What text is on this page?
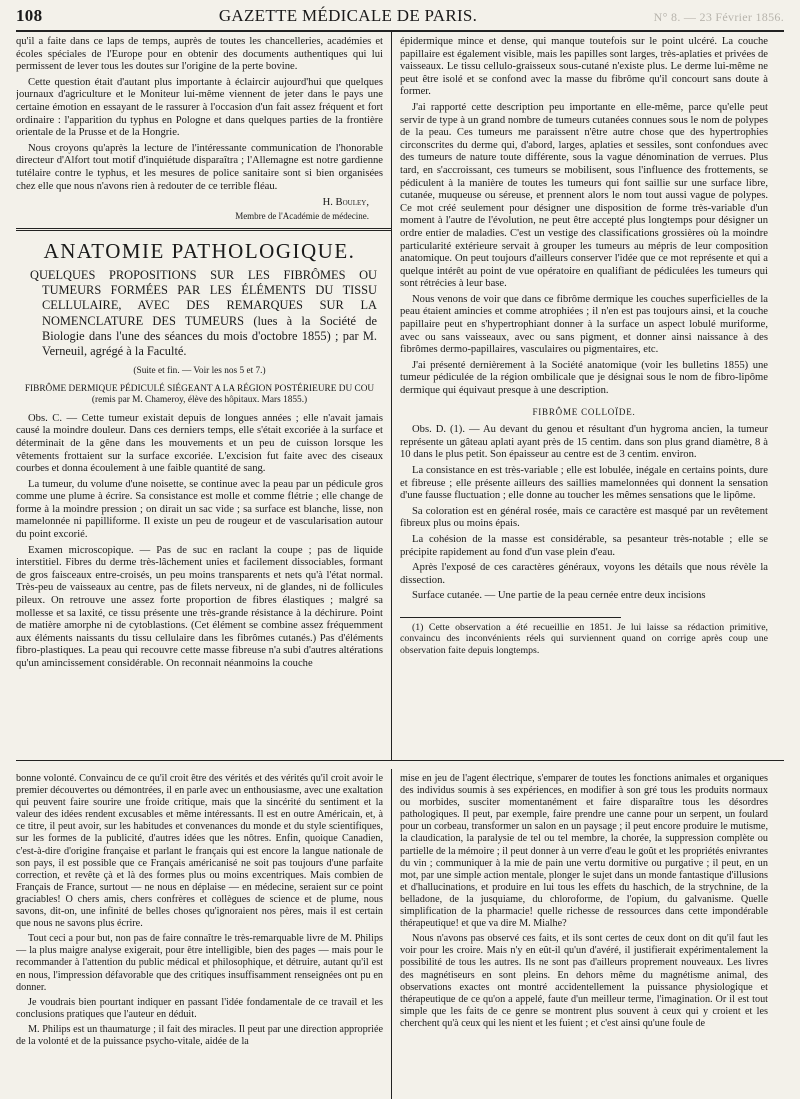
108	GAZETTE MÉDICALE DE PARIS.	N° 8. — 23 Février 1856.

qu'il a faite dans ce laps de temps, auprès de toutes les chancelleries, académies et écoles spéciales de l'Europe pour en obtenir des documents authentiques qui lui permissent de lever tous les doutes sur l'origine de la perte bovine.

Cette question était d'autant plus importante à éclaircir aujourd'hui que quelques journaux d'agriculture et le Moniteur lui-même viennent de jeter dans le pays une certaine émotion en essayant de le rassurer à l'occasion d'un fait assez fréquent et fort ordinaire : l'apparition du typhus en Pologne et dans quelques parties de la frontière orientale de la Prusse et de la Hongrie.

Nous croyons qu'après la lecture de l'intéressante communication de l'honorable directeur d'Alfort tout motif d'inquiétude disparaîtra ; l'Allemagne est notre gardienne tutélaire contre le typhus, et les mesures de police sanitaire sont si bien organisées chez elle que nous n'avons rien à redouter de ce terrible fléau.

H. Bouley,
Membre de l'Académie de médecine.
ANATOMIE PATHOLOGIQUE.
QUELQUES PROPOSITIONS SUR LES FIBRÔMES OU TUMEURS FORMÉES PAR LES ÉLÉMENTS DU TISSU CELLULAIRE, AVEC DES REMARQUES SUR LA NOMENCLATURE DES TUMEURS (lues à la Société de Biologie dans l'une des séances du mois d'octobre 1855) ; par M. Verneuil, agrégé à la Faculté.
(Suite et fin. — Voir les nos 5 et 7.)
FIBRÔME DERMIQUE PÉDICULÉ SIÉGEANT A LA RÉGION POSTÉRIEURE DU COU (remis par M. Chameroy, élève des hôpitaux. Mars 1855.)

Obs. C. — Cette tumeur existait depuis de longues années ; elle n'avait jamais causé la moindre douleur. Dans ces derniers temps, elle s'était excoriée à la surface et déterminait de la gêne dans les mouvements et un peu de cuisson lorsque les vêtements frottaient sur la surface excoriée. L'excision fut faite avec des ciseaux courbes et donna écoulement à une faible quantité de sang.

La tumeur, du volume d'une noisette, se continue avec la peau par un pédicule gros comme une plume à écrire. Sa consistance est molle et comme flétrie ; elle change de forme à la moindre pression ; on dirait un sac vide ; sa surface est blanche, lisse, non mamelonnée ni papilliforme. Il existe un peu de rougeur et de vascularisation autour du point excorié.

Examen microscopique. — Pas de suc en raclant la coupe ; pas de liquide interstitiel. Fibres du derme très-lâchement unies et facilement dissociables, formant de gros faisceaux entre-croisés, un peu moins transparents et nets qu'à l'état normal. Très-peu de vaisseaux au centre, pas de filets nerveux, ni de glandes, ni de follicules pileux. On retrouve une assez forte proportion de fibres élastiques ; malgré sa mollesse et sa laxité, ce tissu présente une très-grande résistance à la déchirure. Point de matière amorphe ni de cytoblastions. (Cet élément se combine assez fréquemment aux éléments naissants du tissu cellulaire dans les fibrômes cutanés.) Pas d'éléments fibro-plastiques. La peau qui recouvre cette masse fibreuse n'a subi d'autres altérations qu'un amincissement considérable. On reconnait néanmoins la couche

épidermique mince et dense, qui manque toutefois sur le point ulcéré. La couche papillaire est également visible, mais les papilles sont larges, très-aplaties et privées de vaisseaux. Le tissu cellulo-graisseux sous-cutané n'existe plus. Le derme lui-même ne peut être isolé et se confond avec la masse du fibrôme qu'il concourt sans doute à former.

J'ai rapporté cette description peu importante en elle-même, parce qu'elle peut servir de type à un grand nombre de tumeurs cutanées connues sous le nom de polypes de la peau. Ces tumeurs me paraissent n'être autre chose que des hypertrophies circonscrites du derme qui, d'abord, larges, aplaties et sessiles, sont confondues avec des tumeurs de nature toute différente, sous la vague dénomination de verrues. Plus tard, en s'accroissant, ces tumeurs se mobilisent, sous l'influence des frottements, se pédiculent à la manière de toutes les tumeurs qui font saillie sur une surface libre, cutanée, muqueuse ou séreuse, et prennent alors le nom tout aussi vague de polypes. Ce mot créé seulement pour désigner une disposition de forme très-variable d'un moment à l'autre de l'évolution, ne peut être accepté plus longtemps pour désigner un ordre entier de maladies. C'est un vestige des classifications grossières où la moindre particularité extérieure servait à grouper les tumeurs au mépris de leur composition anatomique. On peut toujours d'ailleurs conserver l'idée que ce mot représente et qui a quelque intérêt au point de vue opératoire en qualifiant de pédiculées les tumeurs qui sont rétrécies à leur base.

Nous venons de voir que dans ce fibrôme dermique les couches superficielles de la peau étaient amincies et comme atrophiées ; il n'en est pas toujours ainsi, et la couche papillaire peut en s'hypertrophiant donner à la surface un aspect lobulé muriforme, avec ou sans vaisseaux, avec ou sans pigment, et donner ainsi naissance à des fibrômes dermo-papillaires, vasculaires ou pigmentaires, etc.

J'ai présenté dernièrement à la Société anatomique (voir les bulletins 1855) une tumeur pédiculée de la région ombilicale que je désignai sous le nom de fibro-lipôme dermique qui équivaut presque à une description.

FIBRÔME COLLOÏDE.

Obs. D. (1). — Au devant du genou et résultant d'un hygroma ancien, la tumeur représente un gâteau aplati ayant près de 15 centim. dans son plus grand diamètre, 8 à 10 dans le plus petit. Son épaisseur au centre est de 3 centim. environ.

La consistance en est très-variable ; elle est lobulée, inégale en certains points, dure et fibreuse ; elle présente ailleurs des saillies mamelonnées qui donnent la sensation d'une fausse fluctuation ; elle donne au toucher les mêmes sensations que le lipôme.

Sa coloration est en général rosée, mais ce caractère est masqué par un revêtement fibreux plus ou moins épais.

La cohésion de la masse est considérable, sa pesanteur très-notable ; elle se précipite rapidement au fond d'un vase plein d'eau.

Après l'exposé de ces caractères généraux, voyons les détails que nous révèle la dissection.

Surface cutanée. — Une partie de la peau cernée entre deux incisions

(1) Cette observation a été recueillie en 1851. Je lui laisse sa rédaction primitive, convaincu des inconvénients réels qui surviennent quand on corrige après coup une observation faite depuis longtemps.

bonne volonté. Convaincu de ce qu'il croit être des vérités et des vérités qu'il croit avoir le premier découvertes ou démontrées, il en parle avec un enthousiasme, avec une exaltation qui peuvent faire sourire une froide critique, mais que la sincérité du sentiment et la valeur des idées rendent excusables et même intéressants. Il est en outre Américain, et, à ce titre, il peut avoir, sur les habitudes et convenances du monde et du style scientifiques, sur les formes de la publicité, d'autres idées que les nôtres. Enfin, quoique Canadien, c'est-à-dire d'origine française et parlant le français qui est encore la langue nationale de son pays, il est possible que ce Français américanisé ne soit pas toujours d'une parfaite correction, et revête çà et là des formes plus ou moins excentriques. Mais combien de Français de France, surtout — ne nous en déplaise — en médecine, seraient sur ce point graciables! O chers amis, chers confrères et collègues de science et de plume, nous savons, dit-on, une infinité de belles choses qu'ignoraient nos pères, mais il est certain que nous ne savons plus écrire.

Tout ceci a pour but, non pas de faire connaître le très-remarquable livre de M. Philips — la plus maigre analyse exigerait, pour être intelligible, bien des pages — mais pour le recommander à l'attention du public médical et philosophique, et détruire, autant qu'il est en nous, l'impression défavorable que des critiques insuffisamment renseignées ont pu en donner.

Je voudrais bien pourtant indiquer en passant l'idée fondamentale de ce travail et les conclusions pratiques que l'auteur en déduit.

M. Philips est un thaumaturge ; il fait des miracles. Il peut par une direction appropriée de la volonté et de la puissance psycho-vitale, aidée de la

mise en jeu de l'agent électrique, s'emparer de toutes les fonctions animales et organiques des individus soumis à ses expériences, en modifier à son gré tous les produits normaux ou morbides, susciter momentanément et faire disparaître tous les désordres pathologiques. Il peut, par exemple, faire prendre une canne pour un serpent, un foulard pour un corbeau, transformer un salon en un paysage ; il peut encore produire le mutisme, la claudication, la paralysie de tel ou tel membre, la chorée, la suppression complète ou partielle de la mémoire ; il peut donner à un verre d'eau le goût et les propriétés enivrantes du vin ; communiquer à la mie de pain une vertu dormitive ou purgative ; il peut, en un mot, par une simple action mentale, plonger le sujet dans un monde fantastique d'illusions et d'hallucinations, et produire en lui tous les effets du haschich, de la strychnine, de la belladone, de la jusquiame, du chloroforme, de l'opium, du galvanisme. Quelle simplification de la pharmacie! quelle richesse de ressources dans cette impondérable thérapeutique! et que va dire M. Mialhe?

Nous n'avons pas observé ces faits, et ils sont certes de ceux dont on dit qu'il faut les voir pour les croire. Mais n'y en eût-il qu'un d'avéré, il justifierait expérimentalement la possibilité de tous les autres. Ils ne sont pas d'ailleurs proprement nouveaux. Les livres des magnétiseurs en sont pleins. En dehors même du magnétisme animal, des observations exactes ont montré accidentellement la puissance physiologique et thérapeutique de ce qu'on a appelé, faute d'un meilleur terme, l'imagination. Or il est tout simple que les faits de ce genre se montrent plus souvent à ceux qui y croient et les cherchent qu'à ceux qui les nient et les fuient ; et c'est ainsi qu'une foule de
